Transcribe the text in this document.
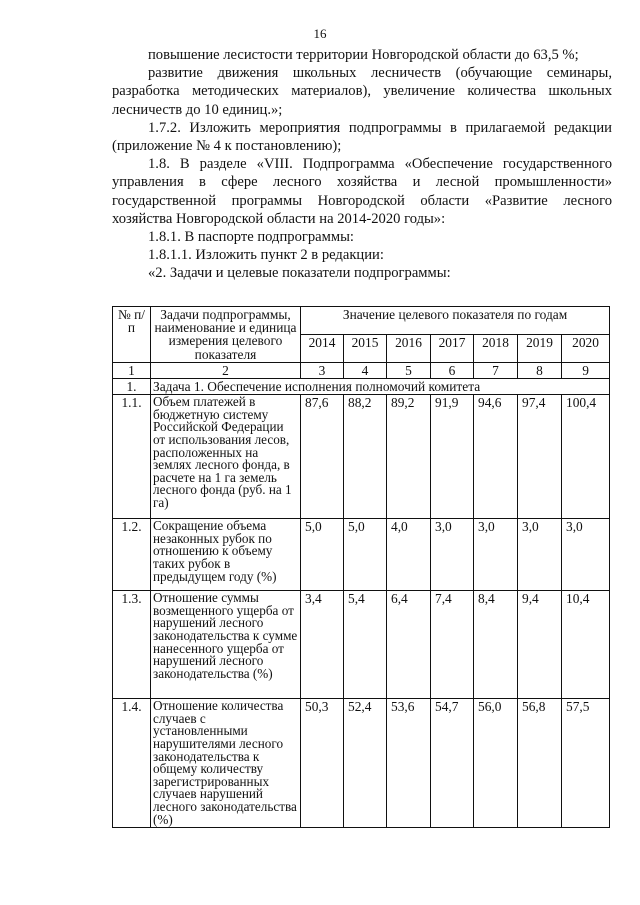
16

повышение лесистости территории Новгородской области до 63,5 %;

развитие движения школьных лесничеств (обучающие семинары, разработка методических материалов), увеличение количества школьных лесничеств до 10 единиц.»;

1.7.2. Изложить мероприятия подпрограммы в прилагаемой редакции (приложение № 4 к постановлению);

1.8. В разделе «VIII. Подпрограмма «Обеспечение государственного управления в сфере лесного хозяйства и лесной промышленности» государственной программы Новгородской области «Развитие лесного хозяйства Новгородской области на 2014-2020 годы»:

1.8.1. В паспорте подпрограммы:

1.8.1.1. Изложить пункт 2 в редакции:

«2. Задачи и целевые показатели подпрограммы:

№ п/п	Задачи подпрограммы, наименование и единица измерения целевого показателя	Значение целевого показателя по годам						
		2014	2015	2016	2017	2018	2019	2020
1	2	3	4	5	6	7	8	9
1.	Задача 1. Обеспечение исполнения полномочий комитета							
1.1.	Объем платежей в бюджетную систему Российской Федерации от использования лесов, расположенных на землях лесного фонда, в расчете на 1 га земель лесного фонда (руб. на 1 га)	87,6	88,2	89,2	91,9	94,6	97,4	100,4
1.2.	Сокращение объема незаконных рубок по отношению к объему таких рубок в предыдущем году (%)	5,0	5,0	4,0	3,0	3,0	3,0	3,0
1.3.	Отношение суммы возмещенного ущерба от нарушений лесного законодательства к сумме нанесенного ущерба от нарушений лесного законодательства (%)	3,4	5,4	6,4	7,4	8,4	9,4	10,4
1.4.	Отношение количества случаев с установленными нарушителями лесного законодательства к общему количеству зарегистрированных случаев нарушений лесного законодательства (%)	50,3	52,4	53,6	54,7	56,0	56,8	57,5
